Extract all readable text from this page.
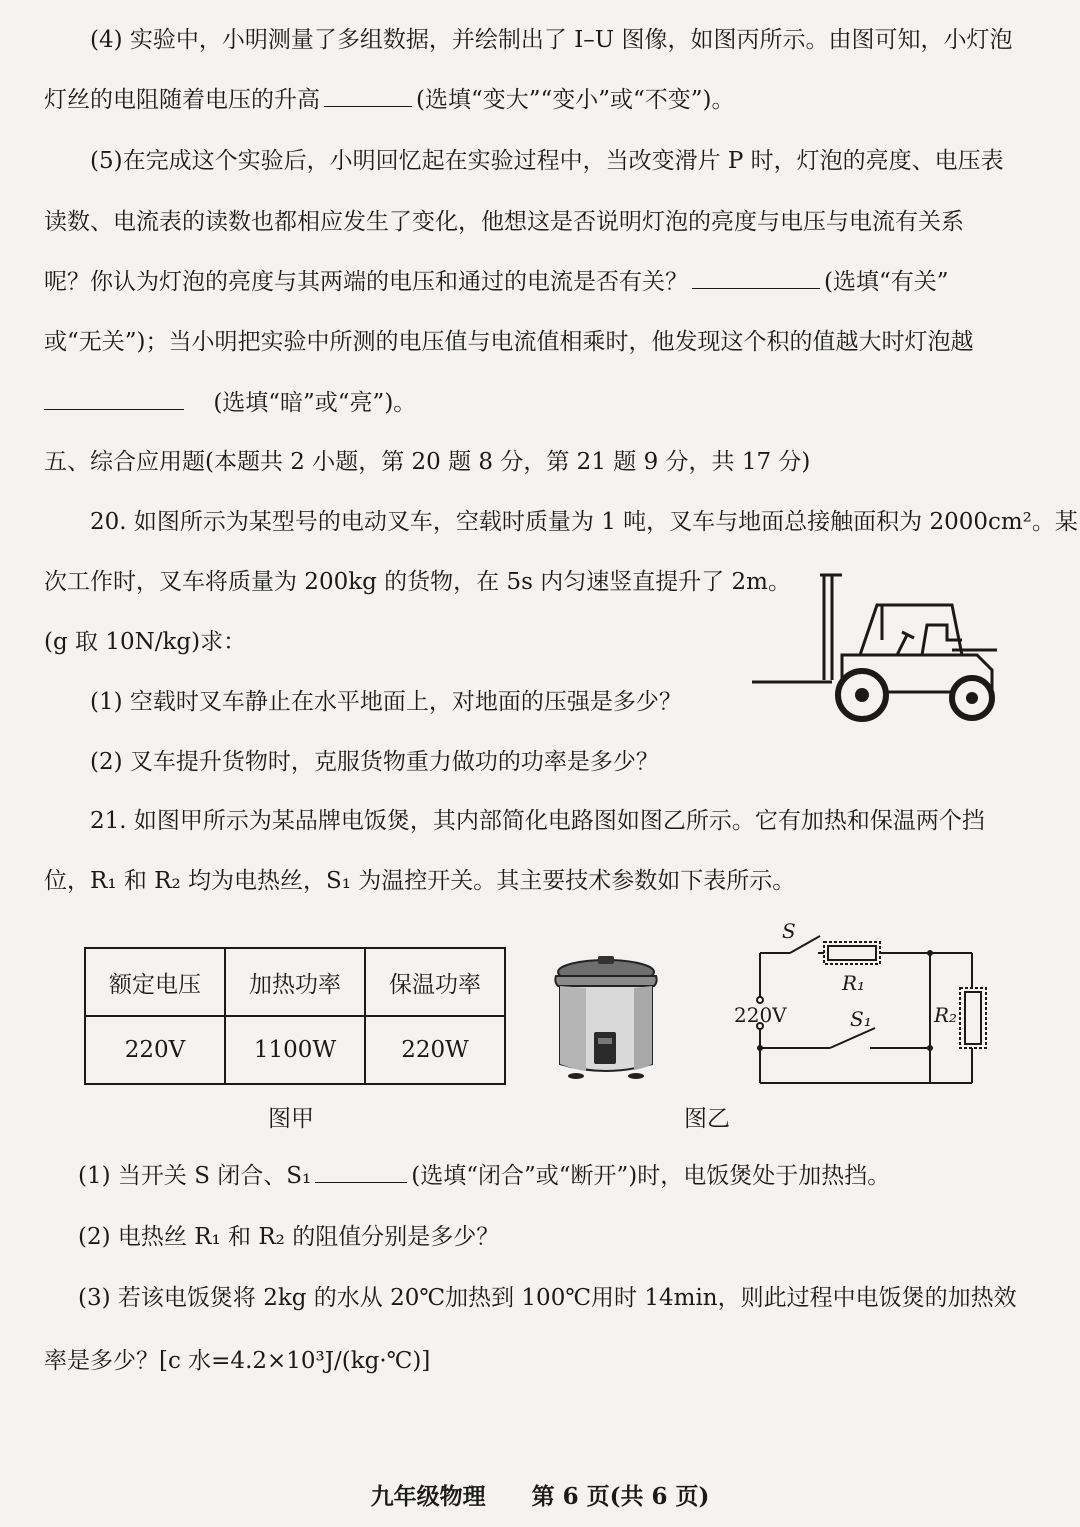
(4) 实验中，小明测量了多组数据，并绘制出了 I–U 图像，如图丙所示。由图可知，小灯泡
灯丝的电阻随着电压的升高	(选填“变大”“变小”或“不变”)。
(5)在完成这个实验后，小明回忆起在实验过程中，当改变滑片 P 时，灯泡的亮度、电压表
读数、电流表的读数也都相应发生了变化，他想这是否说明灯泡的亮度与电压与电流有关系
呢？你认为灯泡的亮度与其两端的电压和通过的电流是否有关？	(选填“有关”
或“无关”)；当小明把实验中所测的电压值与电流值相乘时，他发现这个积的值越大时灯泡越
(选填“暗”或“亮”)。
五、综合应用题(本题共 2 小题，第 20 题 8 分，第 21 题 9 分，共 17 分)
20. 如图所示为某型号的电动叉车，空载时质量为 1 吨，叉车与地面总接触面积为 2000cm²。某
次工作时，叉车将质量为 200kg 的货物，在 5s 内匀速竖直提升了 2m。
(g 取 10N/kg)求：
(1) 空载时叉车静止在水平地面上，对地面的压强是多少？
(2) 叉车提升货物时，克服货物重力做功的功率是多少？
21. 如图甲所示为某品牌电饭煲，其内部简化电路图如图乙所示。它有加热和保温两个挡
位，R₁ 和 R₂ 均为电热丝，S₁ 为温控开关。其主要技术参数如下表所示。
额定电压	加热功率	保温功率
220V	1100W	220W
S
R₁
220V	S₁	R₂
图甲	图乙
(1) 当开关 S 闭合、S₁	(选填“闭合”或“断开”)时，电饭煲处于加热挡。
(2) 电热丝 R₁ 和 R₂ 的阻值分别是多少？
(3) 若该电饭煲将 2kg 的水从 20℃加热到 100℃用时 14min，则此过程中电饭煲的加热效
率是多少？[c 水=4.2×10³J/(kg·℃)]
九年级物理　　第 6 页(共 6 页)
